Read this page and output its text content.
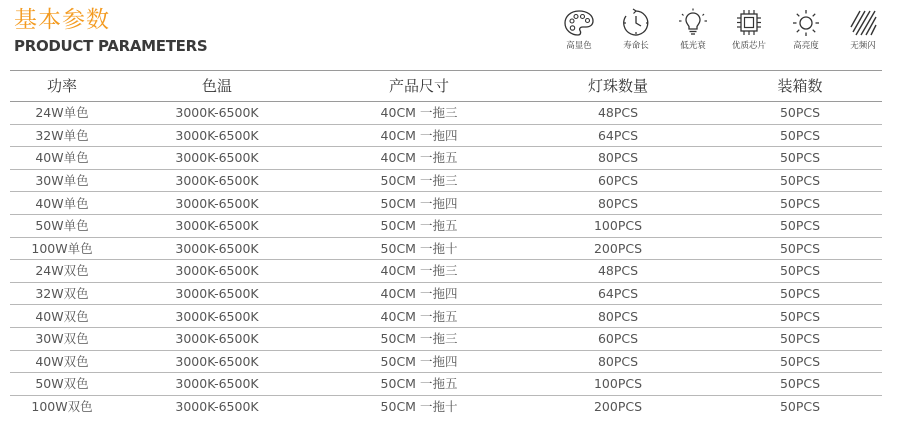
基本参数
PRODUCT PARAMETERS	高显色	寿命长	低光衰	优质芯片	高亮度	无频闪
功率	色温	产品尺寸	灯珠数量	装箱数
24W单色	3000K-6500K	40CM 一拖三	48PCS	50PCS
32W单色	3000K-6500K	40CM 一拖四	64PCS	50PCS
40W单色	3000K-6500K	40CM 一拖五	80PCS	50PCS
30W单色	3000K-6500K	50CM 一拖三	60PCS	50PCS
40W单色	3000K-6500K	50CM 一拖四	80PCS	50PCS
50W单色	3000K-6500K	50CM 一拖五	100PCS	50PCS
100W单色	3000K-6500K	50CM 一拖十	200PCS	50PCS
24W双色	3000K-6500K	40CM 一拖三	48PCS	50PCS
32W双色	3000K-6500K	40CM 一拖四	64PCS	50PCS
40W双色	3000K-6500K	40CM 一拖五	80PCS	50PCS
30W双色	3000K-6500K	50CM 一拖三	60PCS	50PCS
40W双色	3000K-6500K	50CM 一拖四	80PCS	50PCS
50W双色	3000K-6500K	50CM 一拖五	100PCS	50PCS
100W双色	3000K-6500K	50CM 一拖十	200PCS	50PCS
